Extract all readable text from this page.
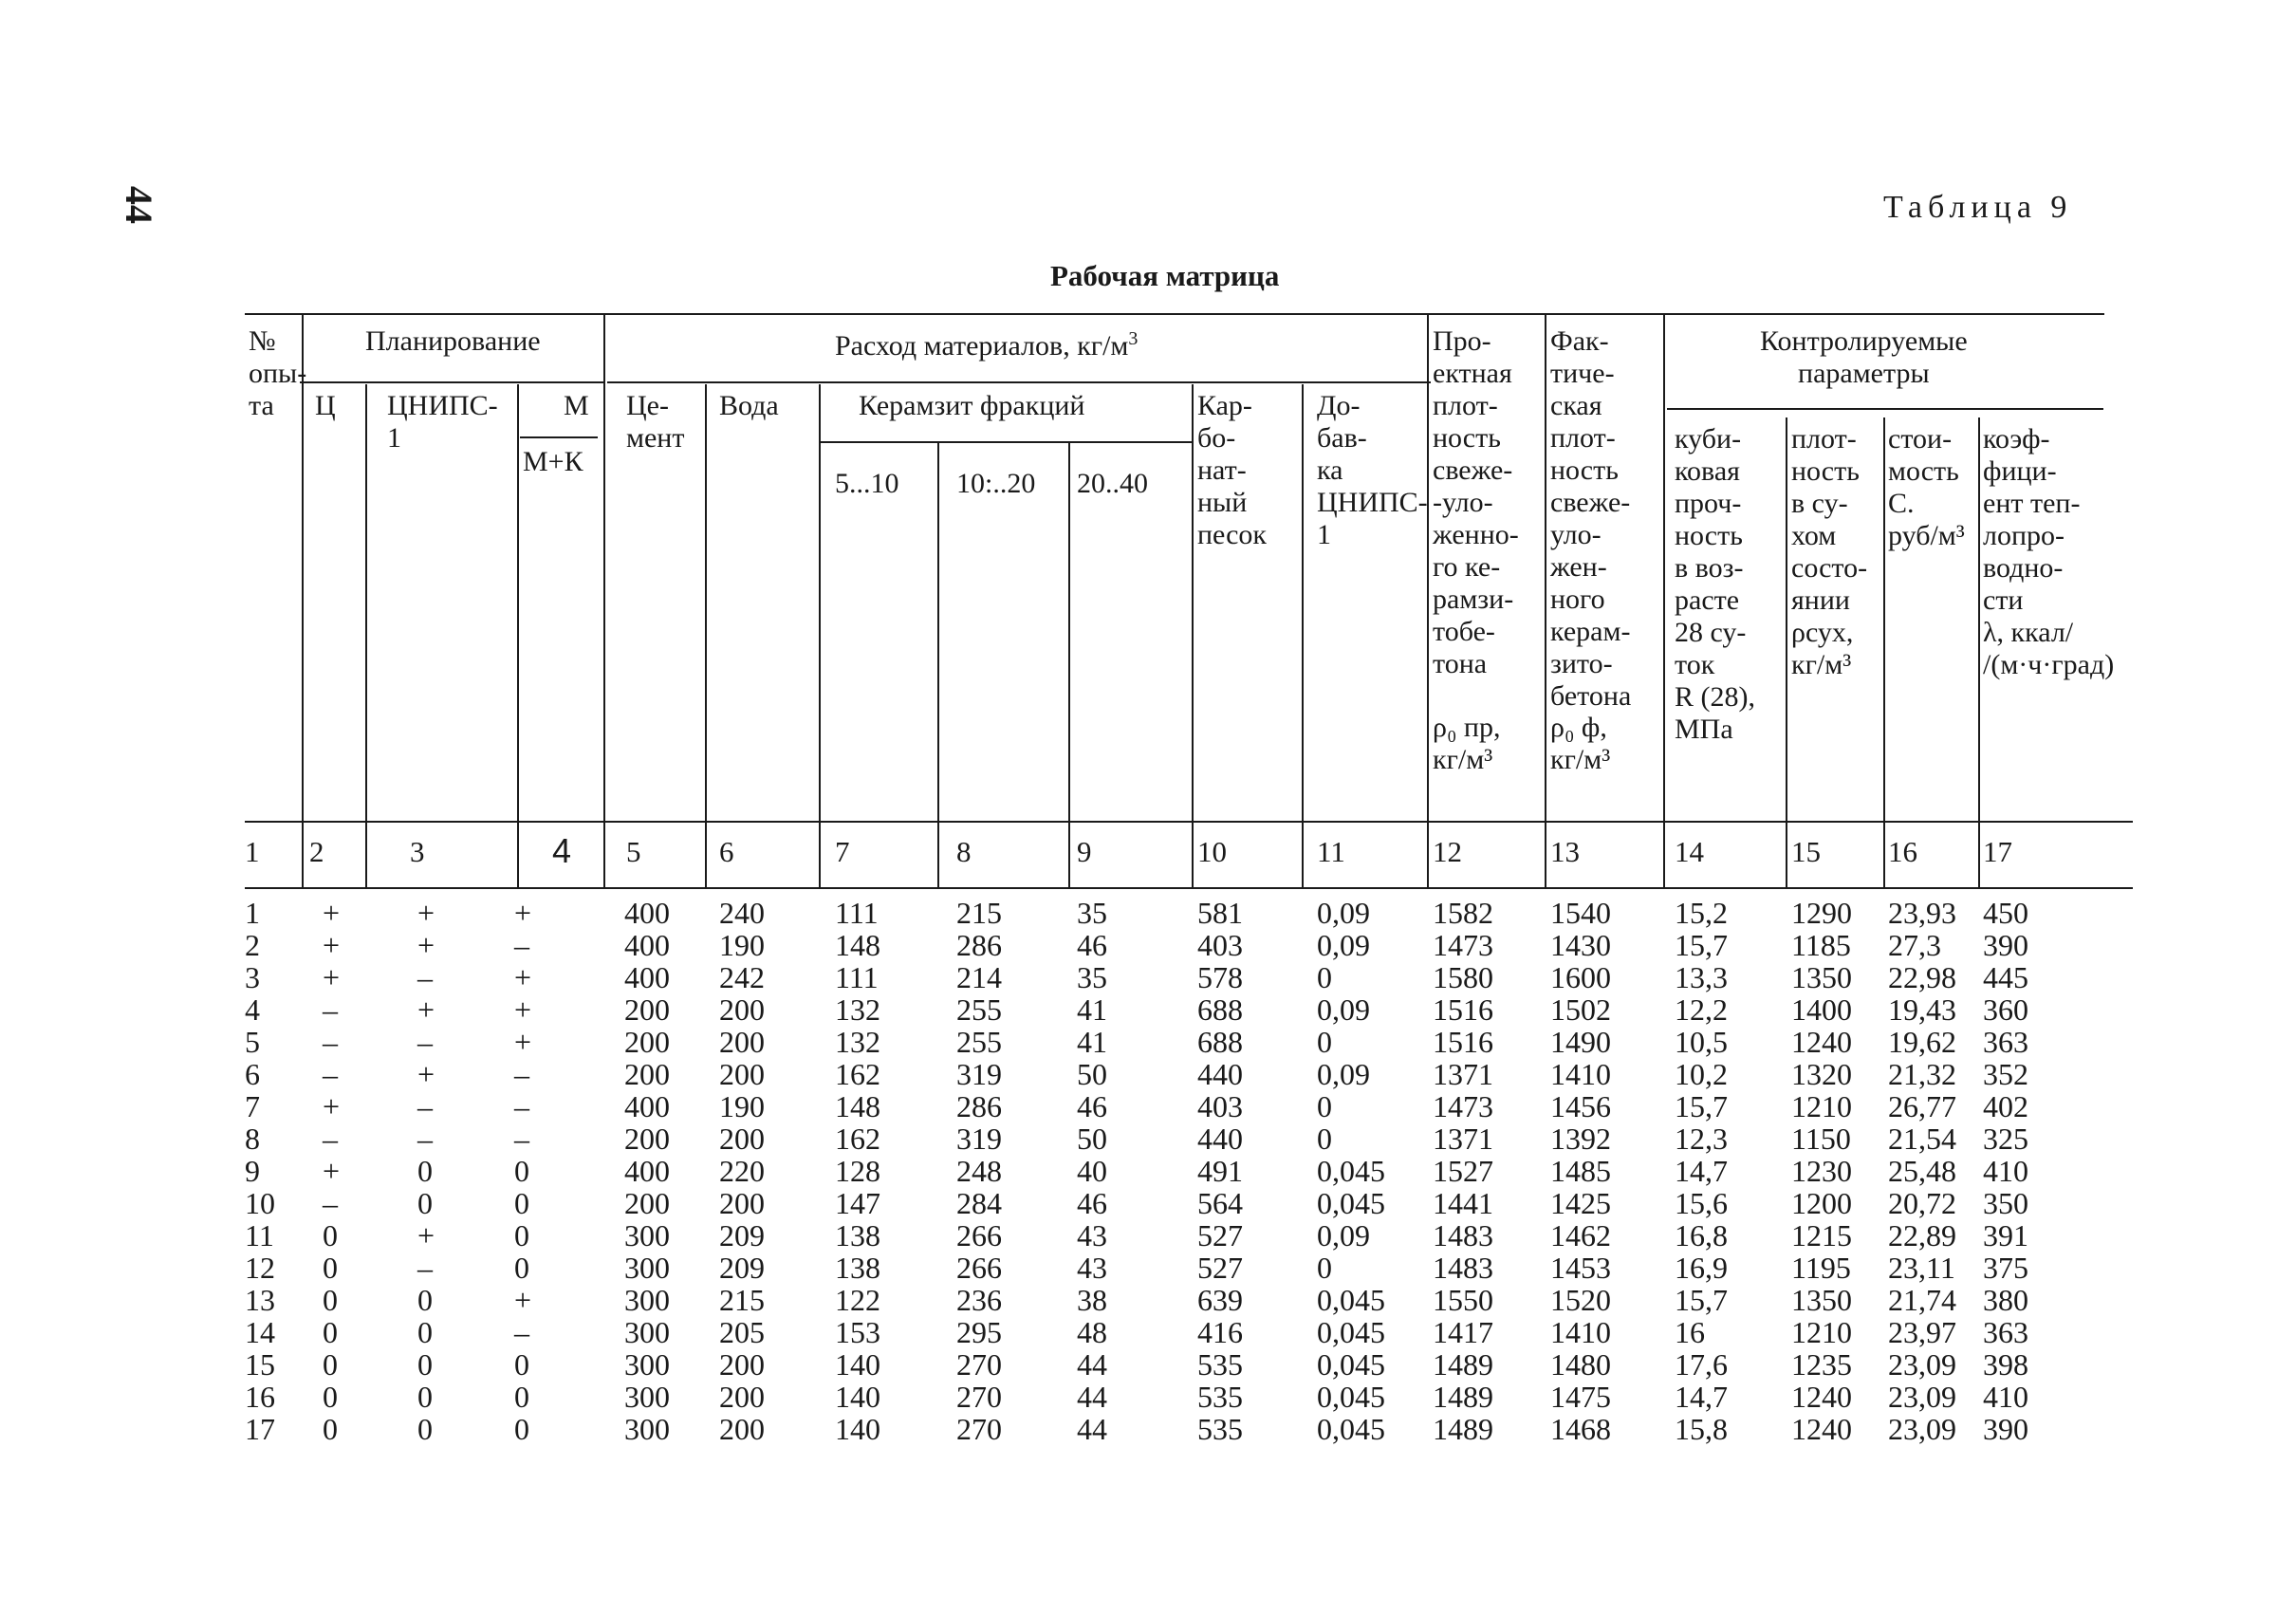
44	Таблица 9
Рабочая матрица
№
опы-
та
Планирование
Ц ЦНИПС-
1
М
М+К
Расход материалов, $кг/м^3$
Це-
мент
Вода	Керамзит фракций
5...10 10:..20 20..40
Кар-
бо-
нат-
ный
песок
До-
бав-
ка
ЦНИПС-
1
Про-
ектная
плот-
ность
свеже-
-уло-
женно-
го ке-
рамзи-
тобе-
тона
ρ₀ пр,
кг/м³
Фак-
тиче-
ская
плот-
ность
свеже-
уло-
жен-
ного
керам-
зито-
бетона
ρ₀ ф,
кг/м³
Контролируемые
параметры
куби-
ковая
проч-
ность
в воз-
расте
28 су-
ток
R (28),
МПа
плот-
ность
в су-
хом
состо-
янии
ρсух,
кг/м³
стои-
мость
С.
руб/м³
коэф-
фици-
ент теп-
лопро-
водно-
сти
λ, ккал/
/(м·ч·град)
1 2	3	4 5	6	7	8	9	10	11	12	13	14	15 16 17
1 +	+	+	400 240 111	215 35	581 0,09 1582 1540 15,2 1290 23,93 450
2 +	+	–	400 190 148	286 46	403 0,09 1473 1430 15,7 1185 27,3 390
3 +	–	+	400 242 111	214 35	578 0	1580 1600 13,3 1350 22,98 445
4 –	+	+	200 200 132	255 41	688 0,09 1516 1502 12,2 1400 19,43 360
5 –	–	+	200 200 132	255 41	688 0	1516 1490 10,5 1240 19,62 363
6 –	+	–	200 200 162	319 50	440 0,09 1371 1410 10,2 1320 21,32 352
7 +	–	–	400 190 148	286 46	403 0	1473 1456 15,7 1210 26,77 402
8 –	–	–	200 200 162	319 50	440 0	1371 1392 12,3 1150 21,54 325
9 +	0	0	400 220 128	248 40	491 0,045 1527 1485 14,7 1230 25,48 410
10 –	0	0	200 200 147	284 46	564 0,045 1441 1425 15,6 1200 20,72 350
11 0	+	0	300 209 138	266 43	527 0,09 1483 1462 16,8 1215 22,89 391
12 0	–	0	300 209 138	266 43	527 0	1483 1453 16,9 1195 23,11 375
13 0	0	+	300 215 122	236 38	639 0,045 1550 1520 15,7 1350 21,74 380
14 0	0	–	300 205 153	295 48	416 0,045 1417 1410 16	1210 23,97 363
15 0	0	0	300 200 140	270 44	535 0,045 1489 1480 17,6 1235 23,09 398
16 0	0	0	300 200 140	270 44	535 0,045 1489 1475 14,7 1240 23,09 410
17 0	0	0	300 200 140	270 44	535 0,045 1489 1468 15,8 1240 23,09 390
